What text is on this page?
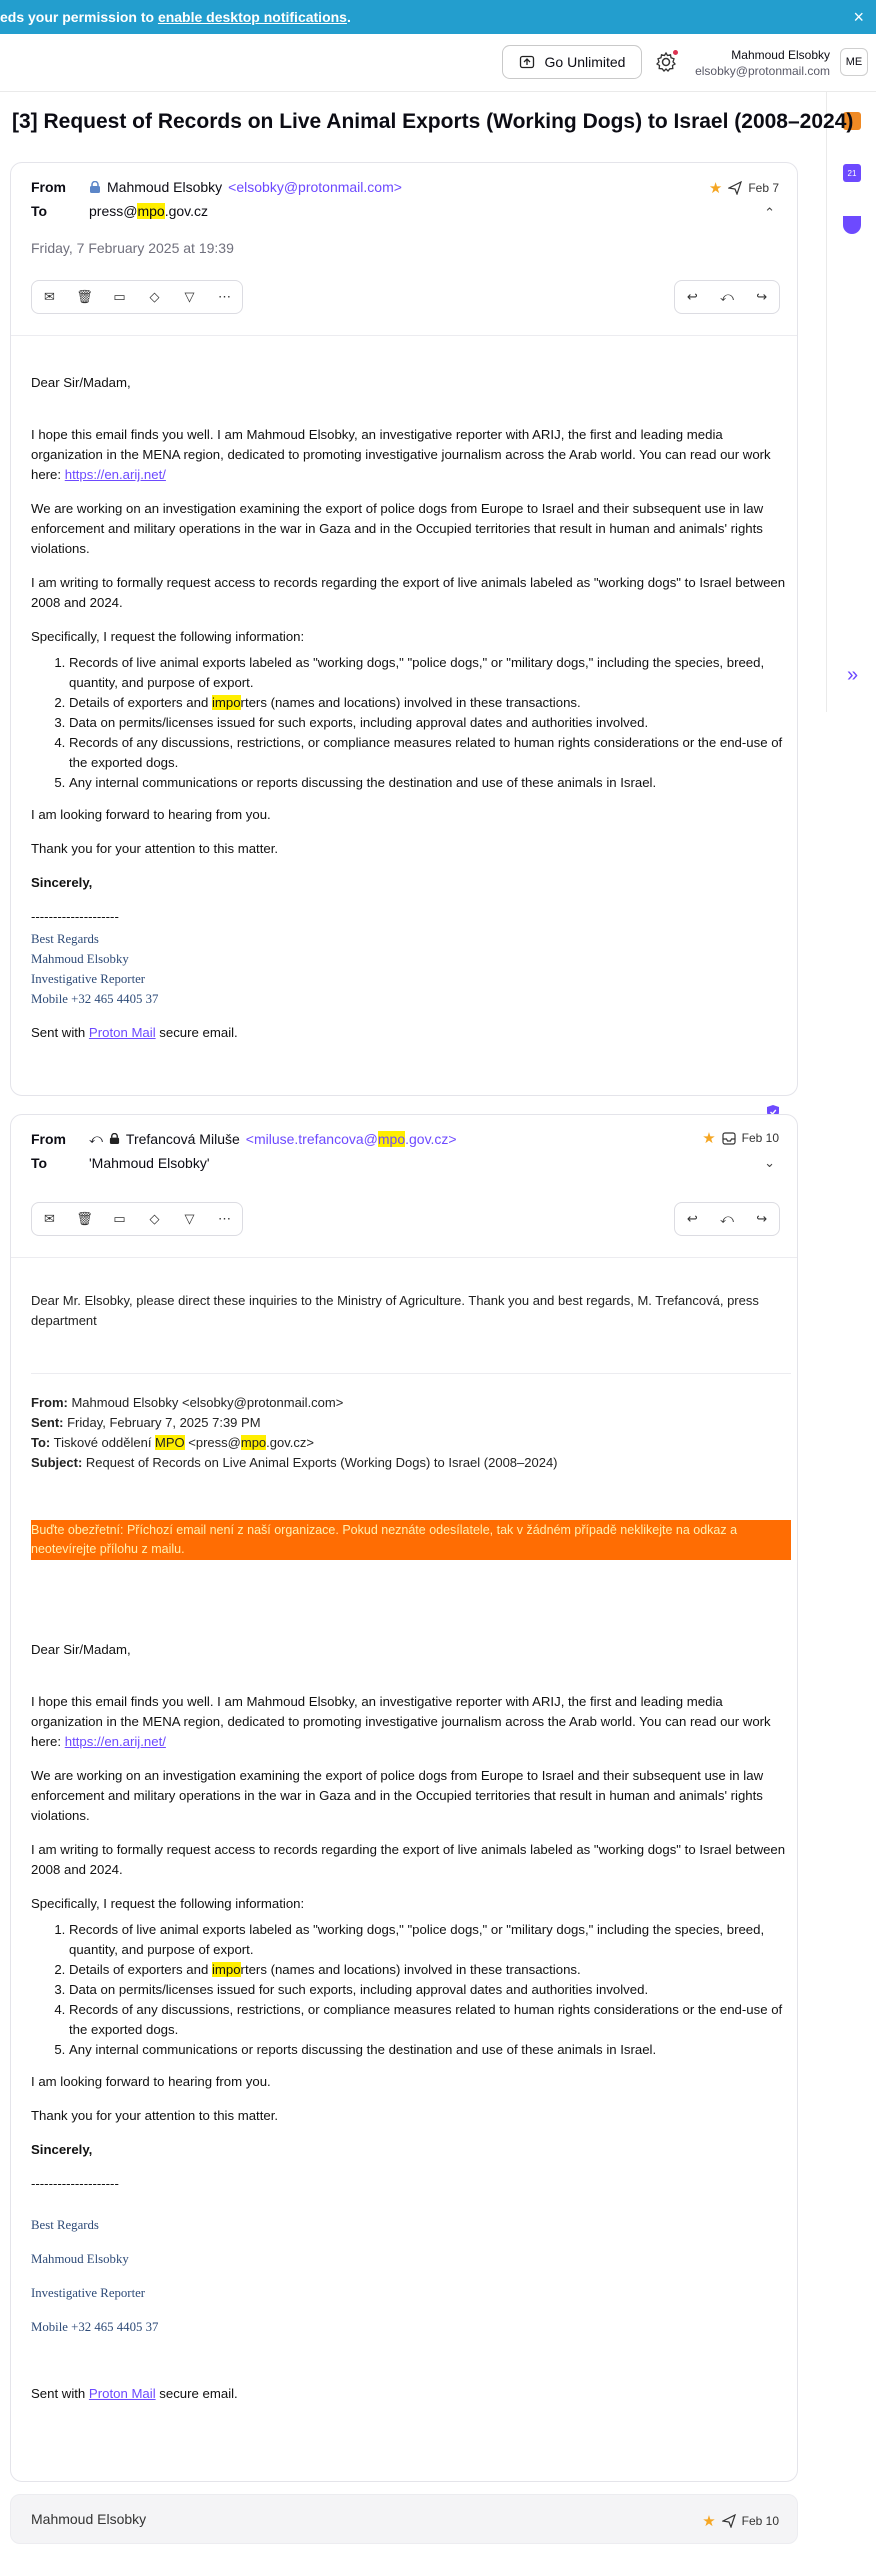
eds your permission to enable desktop notifications.	×
Go Unlimited	Mahmoud Elsobky
elsobky@protonmail.com
ME
21
»
[3] Request of Records on Live Animal Exports (Working Dogs) to Israel (2008–2024)
From	Mahmoud Elsobky <elsobky@protonmail.com>
To	press@mpo.gov.cz
★ Feb 7
⌃
Friday, 7 February 2025 at 19:39
✉	🗑	▭	◇	▽	⋯	↩	⤺	↪

Dear Sir/Madam,

I hope this email finds you well. I am Mahmoud Elsobky, an investigative reporter with ARIJ, the first and leading media organization in the MENA region, dedicated to promoting investigative journalism across the Arab world. You can read our work here: https://en.arij.net/

We are working on an investigation examining the export of police dogs from Europe to Israel and their subsequent use in law enforcement and military operations in the war in Gaza and in the Occupied territories that result in human and animals' rights violations.

I am writing to formally request access to records regarding the export of live animals labeled as "working dogs" to Israel between 2008 and 2024.

Specifically, I request the following information:

1. Records of live animal exports labeled as "working dogs," "police dogs," or "military dogs," including the species, breed, quantity, and purpose of export.
2. Details of exporters and importers (names and locations) involved in these transactions.
3. Data on permits/licenses issued for such exports, including approval dates and authorities involved.
4. Records of any discussions, restrictions, or compliance measures related to human rights considerations or the end-use of the exported dogs.
5. Any internal communications or reports discussing the destination and use of these animals in Israel.

I am looking forward to hearing from you.

Thank you for your attention to this matter.

Sincerely,

--------------------
Best Regards
Mahmoud Elsobky
Investigative Reporter
Mobile +32 465 4405 37

Sent with Proton Mail secure email.

From	⤺ Trefancová Miluše <miluse.trefancova@mpo.gov.cz>
To	'Mahmoud Elsobky'
★ Feb 10
⌄
✉	🗑	▭	◇	▽	⋯	↩	⤺	↪
Dear Mr. Elsobky, please direct these inquiries to the Ministry of Agriculture. Thank you and best regards, M. Trefancová, press department
From: Mahmoud Elsobky <elsobky@protonmail.com>
Sent: Friday, February 7, 2025 7:39 PM
To: Tiskové oddělení MPO <press@mpo.gov.cz>
Subject: Request of Records on Live Animal Exports (Working Dogs) to Israel (2008–2024)
Buďte obezřetní: Příchozí email není z naší organizace. Pokud neznáte odesílatele, tak v žádném případě neklikejte na odkaz a neotevírejte přílohu z mailu.

Dear Sir/Madam,

I hope this email finds you well. I am Mahmoud Elsobky, an investigative reporter with ARIJ, the first and leading media organization in the MENA region, dedicated to promoting investigative journalism across the Arab world. You can read our work here: https://en.arij.net/

We are working on an investigation examining the export of police dogs from Europe to Israel and their subsequent use in law enforcement and military operations in the war in Gaza and in the Occupied territories that result in human and animals' rights violations.

I am writing to formally request access to records regarding the export of live animals labeled as "working dogs" to Israel between 2008 and 2024.

Specifically, I request the following information:

1. Records of live animal exports labeled as "working dogs," "police dogs," or "military dogs," including the species, breed, quantity, and purpose of export.
2. Details of exporters and importers (names and locations) involved in these transactions.
3. Data on permits/licenses issued for such exports, including approval dates and authorities involved.
4. Records of any discussions, restrictions, or compliance measures related to human rights considerations or the end-use of the exported dogs.
5. Any internal communications or reports discussing the destination and use of these animals in Israel.

I am looking forward to hearing from you.

Thank you for your attention to this matter.

Sincerely,

--------------------
Best Regards
Mahmoud Elsobky
Investigative Reporter
Mobile +32 465 4405 37

Sent with Proton Mail secure email.

Mahmoud Elsobky	★ Feb 10
